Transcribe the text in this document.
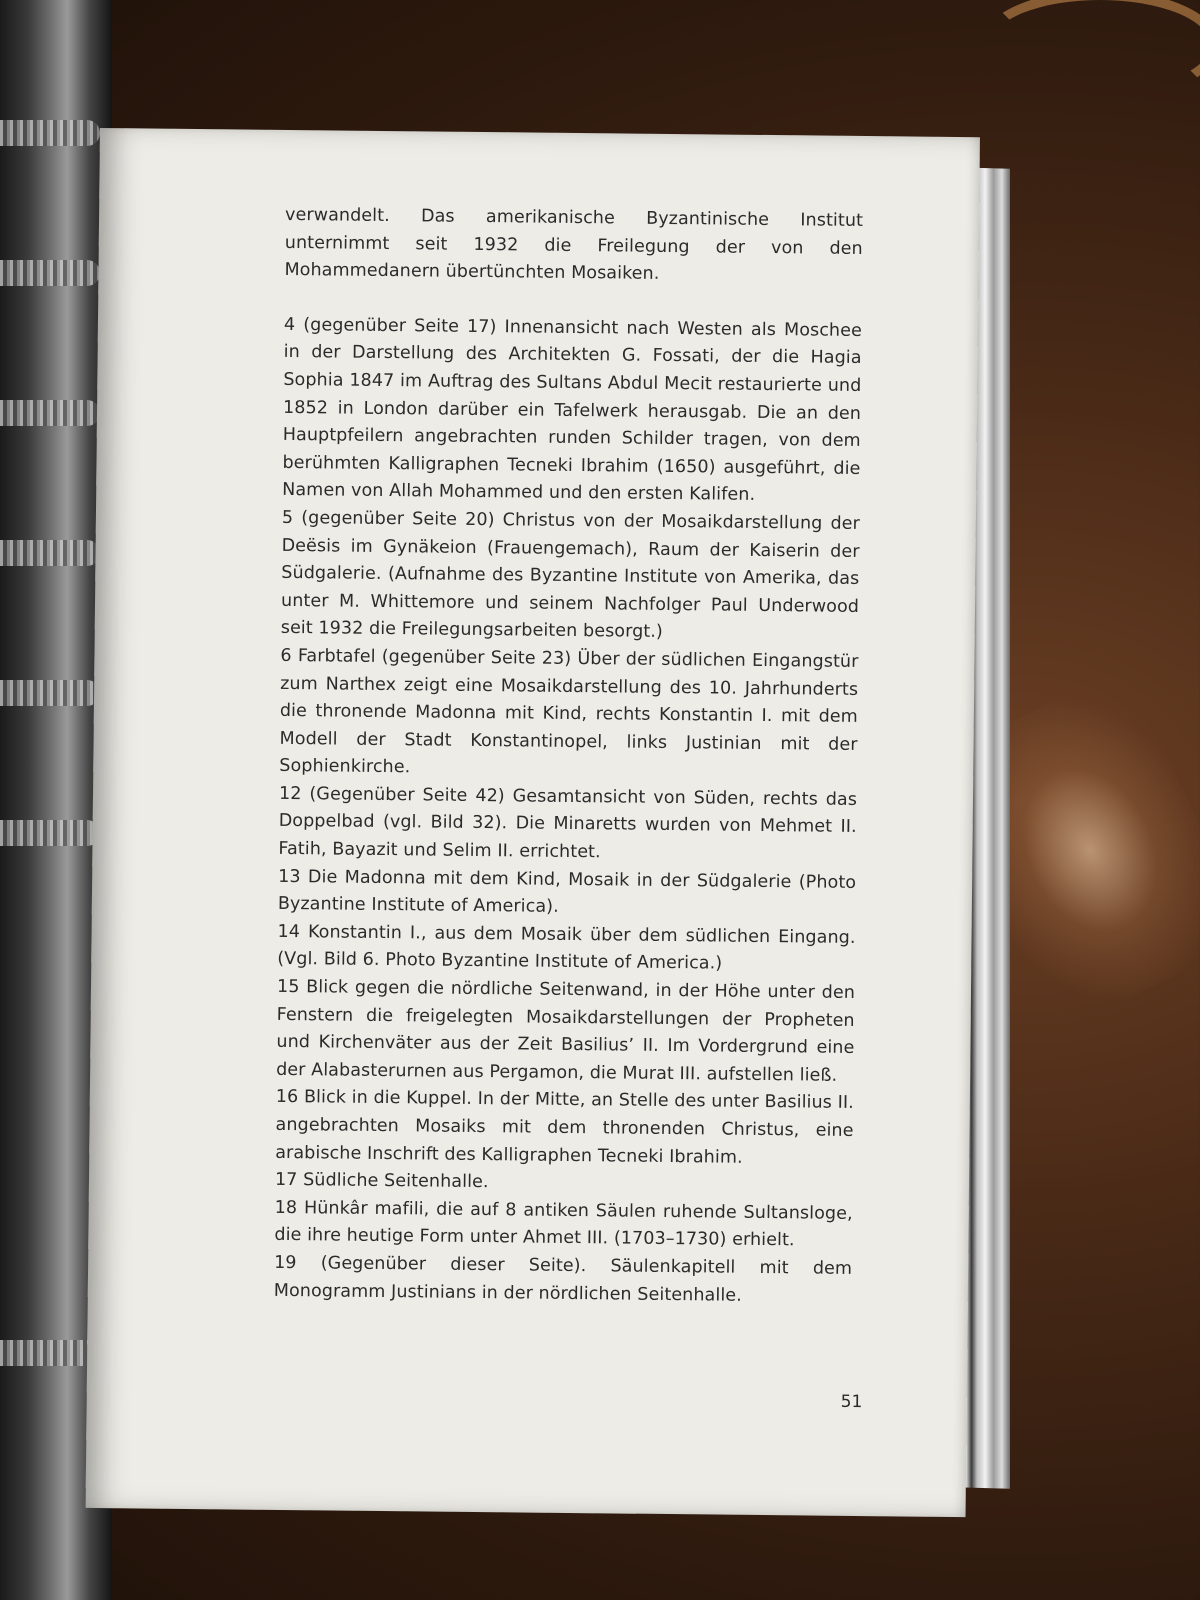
verwandelt. Das amerikanische Byzantinische Institut unternimmt seit 1932 die Freilegung der von den Mohammedanern übertünchten Mosaiken.

4 (gegenüber Seite 17) Innenansicht nach Westen als Moschee in der Darstellung des Architekten G. Fossati, der die Hagia Sophia 1847 im Auftrag des Sultans Abdul Mecit restaurierte und 1852 in London darüber ein Tafelwerk herausgab. Die an den Hauptpfeilern angebrachten runden Schilder tragen, von dem berühmten Kalligraphen Tecneki Ibrahim (1650) ausgeführt, die Namen von Allah Mohammed und den ersten Kalifen.

5 (gegenüber Seite 20) Christus von der Mosaikdarstellung der Deësis im Gynäkeion (Frauengemach), Raum der Kaiserin der Südgalerie. (Aufnahme des Byzantine Institute von Amerika, das unter M. Whittemore und seinem Nachfolger Paul Underwood seit 1932 die Freilegungsarbeiten besorgt.)

6 Farbtafel (gegenüber Seite 23) Über der südlichen Eingangstür zum Narthex zeigt eine Mosaikdarstellung des 10. Jahrhunderts die thronende Madonna mit Kind, rechts Konstantin I. mit dem Modell der Stadt Konstantinopel, links Justinian mit der Sophienkirche.

12 (Gegenüber Seite 42) Gesamtansicht von Süden, rechts das Doppelbad (vgl. Bild 32). Die Minaretts wurden von Mehmet II. Fatih, Bayazit und Selim II. errichtet.

13 Die Madonna mit dem Kind, Mosaik in der Südgalerie (Photo Byzantine Institute of America).

14 Konstantin I., aus dem Mosaik über dem südlichen Eingang. (Vgl. Bild 6. Photo Byzantine Institute of America.)

15 Blick gegen die nördliche Seitenwand, in der Höhe unter den Fenstern die freigelegten Mosaikdarstellungen der Propheten und Kirchenväter aus der Zeit Basilius’ II. Im Vordergrund eine der Alabasterurnen aus Pergamon, die Murat III. aufstellen ließ.

16 Blick in die Kuppel. In der Mitte, an Stelle des unter Basilius II. angebrachten Mosaiks mit dem thronenden Christus, eine arabische Inschrift des Kalligraphen Tecneki Ibrahim.

17 Südliche Seitenhalle.

18 Hünkâr mafili, die auf 8 antiken Säulen ruhende Sultansloge, die ihre heutige Form unter Ahmet III. (1703–1730) erhielt.

19 (Gegenüber dieser Seite). Säulenkapitell mit dem Monogramm Justinians in der nördlichen Seitenhalle.

51
